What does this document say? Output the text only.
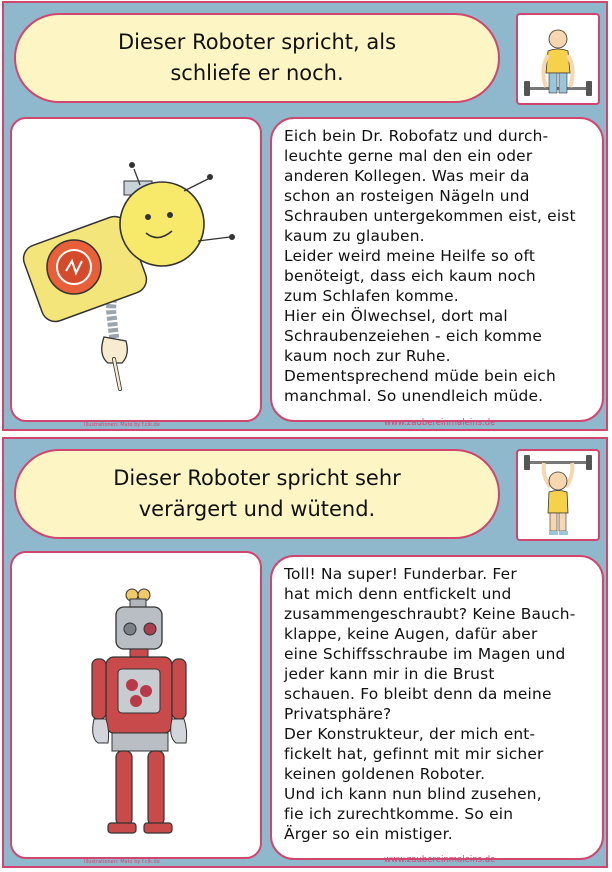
Dieser Roboter spricht, als schliefe er noch.

Eich bein Dr. Robofatz und durch-
leuchte gerne mal den ein oder
anderen Kollegen. Was meir da
schon an rosteigen Nägeln und
Schrauben untergekommen eist, eist
kaum zu glauben.
Leider weird meine Heilfe so oft
benöteigt, dass eich kaum noch
zum Schlafen komme.
Hier ein Ölwechsel, dort mal
Schraubenzeiehen - eich komme
kaum noch zur Ruhe.
Dementsprechend müde bein eich
manchmal. So unendleich müde.

Illustrationen: Mato by f.clk.de	www.zaubereinmaleins.de
Dieser Roboter spricht sehr verärgert und wütend.

Toll! Na super! Funderbar. Fer
hat mich denn entfickelt und
zusammengeschraubt? Keine Bauch-
klappe, keine Augen, dafür aber
eine Schiffsschraube im Magen und
jeder kann mir in die Brust
schauen. Fo bleibt denn da meine
Privatsphäre?
Der Konstrukteur, der mich ent-
fickelt hat, gefinnt mit mir sicher
keinen goldenen Roboter.
Und ich kann nun blind zusehen,
fie ich zurechtkomme. So ein
Ärger so ein mistiger.

Illustrationen: Mato by f.clk.de	www.zaubereinmaleins.de
